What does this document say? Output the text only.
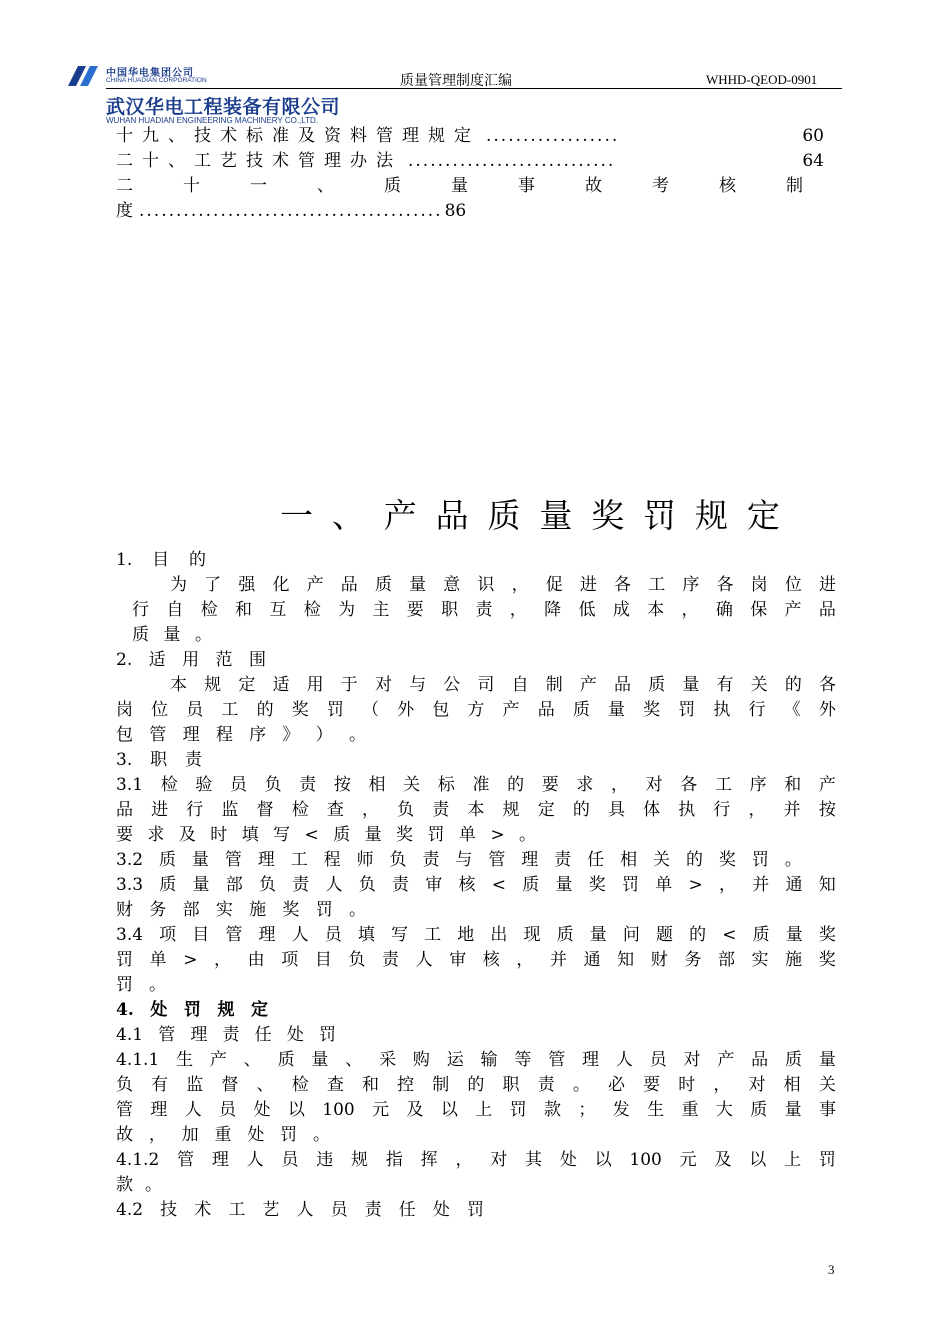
中国华电集团公司
CHINA HUADIAN CORPORATION	质量管理制度汇编	WHHD-QEOD-0901
武汉华电工程装备有限公司
WUHAN HUADIAN ENGINEERING MACHINERY CO.,LTD.
十九、技术标准及资料管理规定 ..................	60
二十、工艺技术管理办法 ............................	64
二十一、质量事故考核制
度 ......................................... 86
一 、 产 品 质 量 奖 罚 规 定
1. 目 的
为 了 强 化 产 品 质 量 意 识 ， 促 进 各 工 序 各 岗 位 进
行 自 检 和 互 检 为 主 要 职 责 ， 降 低 成 本 ， 确 保 产 品
质 量 。
2. 适 用 范 围
本 规 定 适 用 于 对 与 公 司 自 制 产 品 质 量 有 关 的 各
岗 位 员 工 的 奖 罚 （ 外 包 方 产 品 质 量 奖 罚 执 行 《 外
包 管 理 程 序 》 ） 。
3. 职 责
3.1 检 验 员 负 责 按 相 关 标 准 的 要 求 ， 对 各 工 序 和 产
品 进 行 监 督 检 查 ， 负 责 本 规 定 的 具 体 执 行 ， 并 按
要 求 及 时 填 写 < 质 量 奖 罚 单 > 。
3.2 质 量 管 理 工 程 师 负 责 与 管 理 责 任 相 关 的 奖 罚 。
3.3 质 量 部 负 责 人 负 责 审 核 < 质 量 奖 罚 单 > ， 并 通 知
财 务 部 实 施 奖 罚 。
3.4 项 目 管 理 人 员 填 写 工 地 出 现 质 量 问 题 的 < 质 量 奖
罚 单 > ， 由 项 目 负 责 人 审 核 ， 并 通 知 财 务 部 实 施 奖
罚 。
4. 处 罚 规 定
4.1 管 理 责 任 处 罚
4.1.1 生 产 、 质 量 、 采 购 运 输 等 管 理 人 员 对 产 品 质 量
负 有 监 督 、 检 查 和 控 制 的 职 责 。 必 要 时 ， 对 相 关
管 理 人 员 处 以 100 元 及 以 上 罚 款 ； 发 生 重 大 质 量 事
故 ， 加 重 处 罚 。
4.1.2 管 理 人 员 违 规 指 挥 ， 对 其 处 以 100 元 及 以 上 罚
款 。
4.2 技 术 工 艺 人 员 责 任 处 罚
3
